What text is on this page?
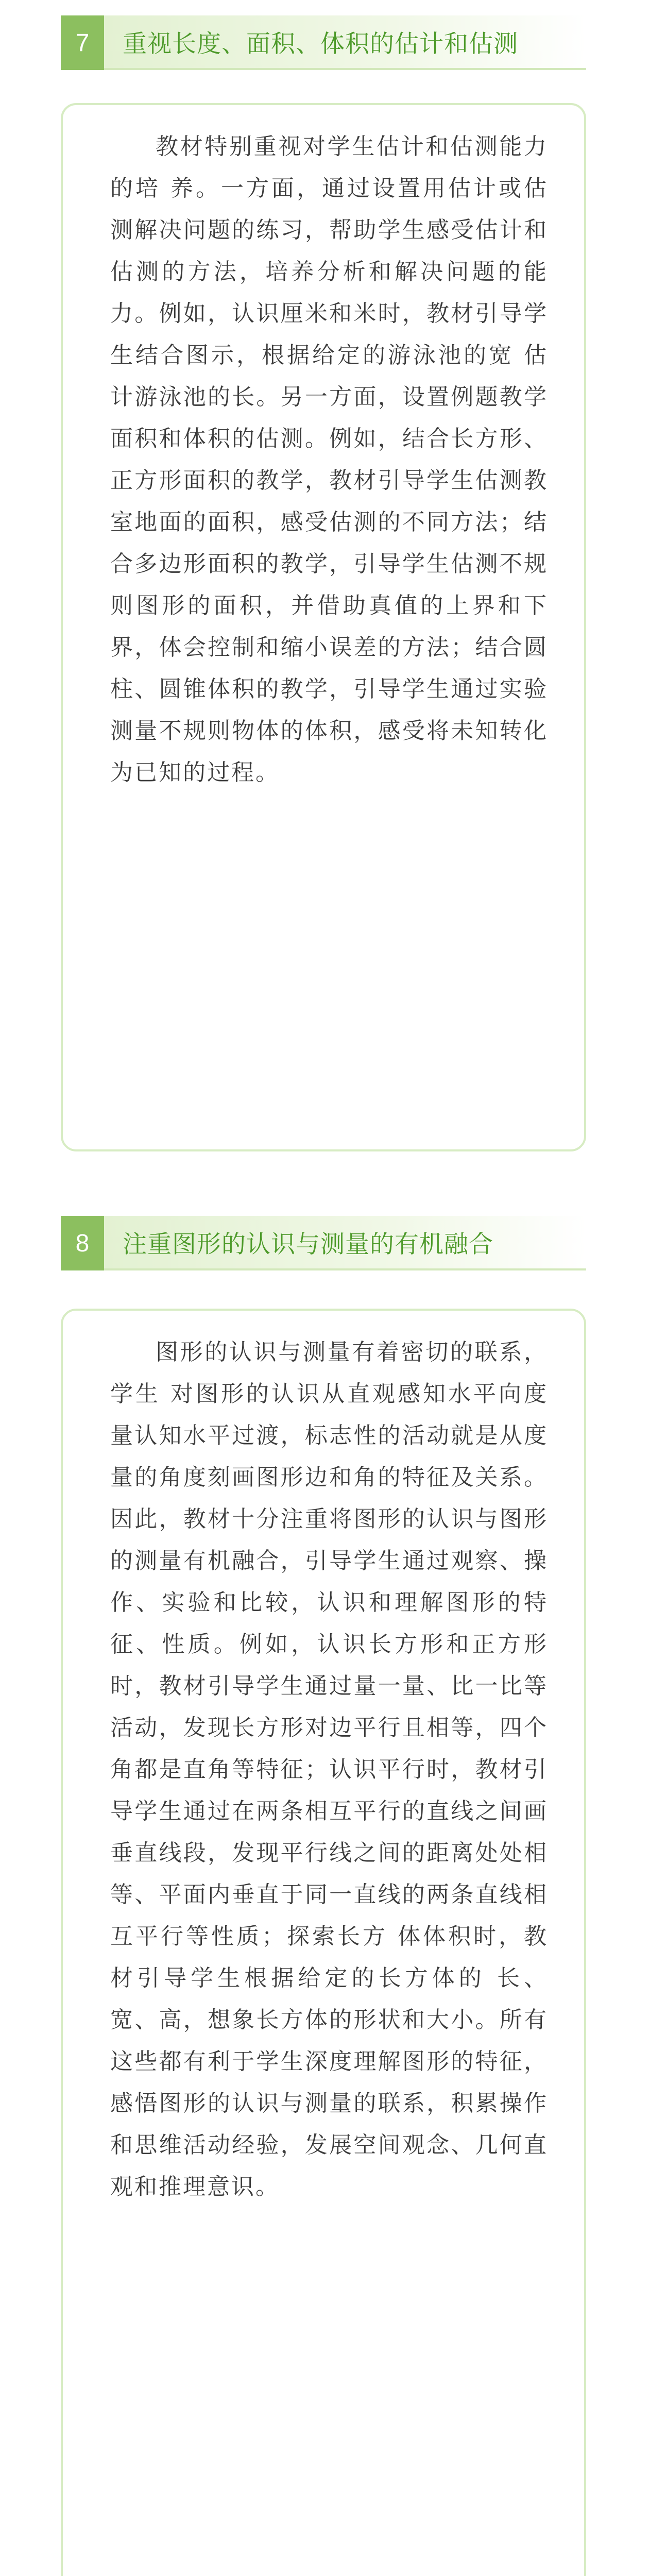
7	重视长度、面积、体积的估计和估测

教材特别重视对学生估计和估测能力的培 养。一方面，通过设置用估计或估测解决问题的练习，帮助学生感受估计和估测的方法，培养分析和解决问题的能力。例如，认识厘米和米时，教材引导学生结合图示，根据给定的游泳池的宽 估计游泳池的长。另一方面，设置例题教学面积和体积的估测。例如，结合长方形、正方形面积的教学，教材引导学生估测教室地面的面积，感受估测的不同方法；结合多边形面积的教学，引导学生估测不规则图形的面积，并借助真值的上界和下界，体会控制和缩小误差的方法；结合圆 柱、圆锥体积的教学，引导学生通过实验测量不规则物体的体积，感受将未知转化为已知的过程。

8	注重图形的认识与测量的有机融合

图形的认识与测量有着密切的联系，学生 对图形的认识从直观感知水平向度量认知水平过渡，标志性的活动就是从度量的角度刻画图形边和角的特征及关系。因此，教材十分注重将图形的认识与图形的测量有机融合，引导学生通过观察、操作、实验和比较，认识和理解图形的特征、性质。例如，认识长方形和正方形时，教材引导学生通过量一量、比一比等活动，发现长方形对边平行且相等，四个角都是直角等特征；认识平行时，教材引导学生通过在两条相互平行的直线之间画垂直线段，发现平行线之间的距离处处相等、平面内垂直于同一直线的两条直线相互平行等性质；探索长方 体体积时，教材引导学生根据给定的长方体的 长、宽、高，想象长方体的形状和大小。所有这些都有利于学生深度理解图形的特征，感悟图形的认识与测量的联系，积累操作和思维活动经验，发展空间观念、几何直观和推理意识。
